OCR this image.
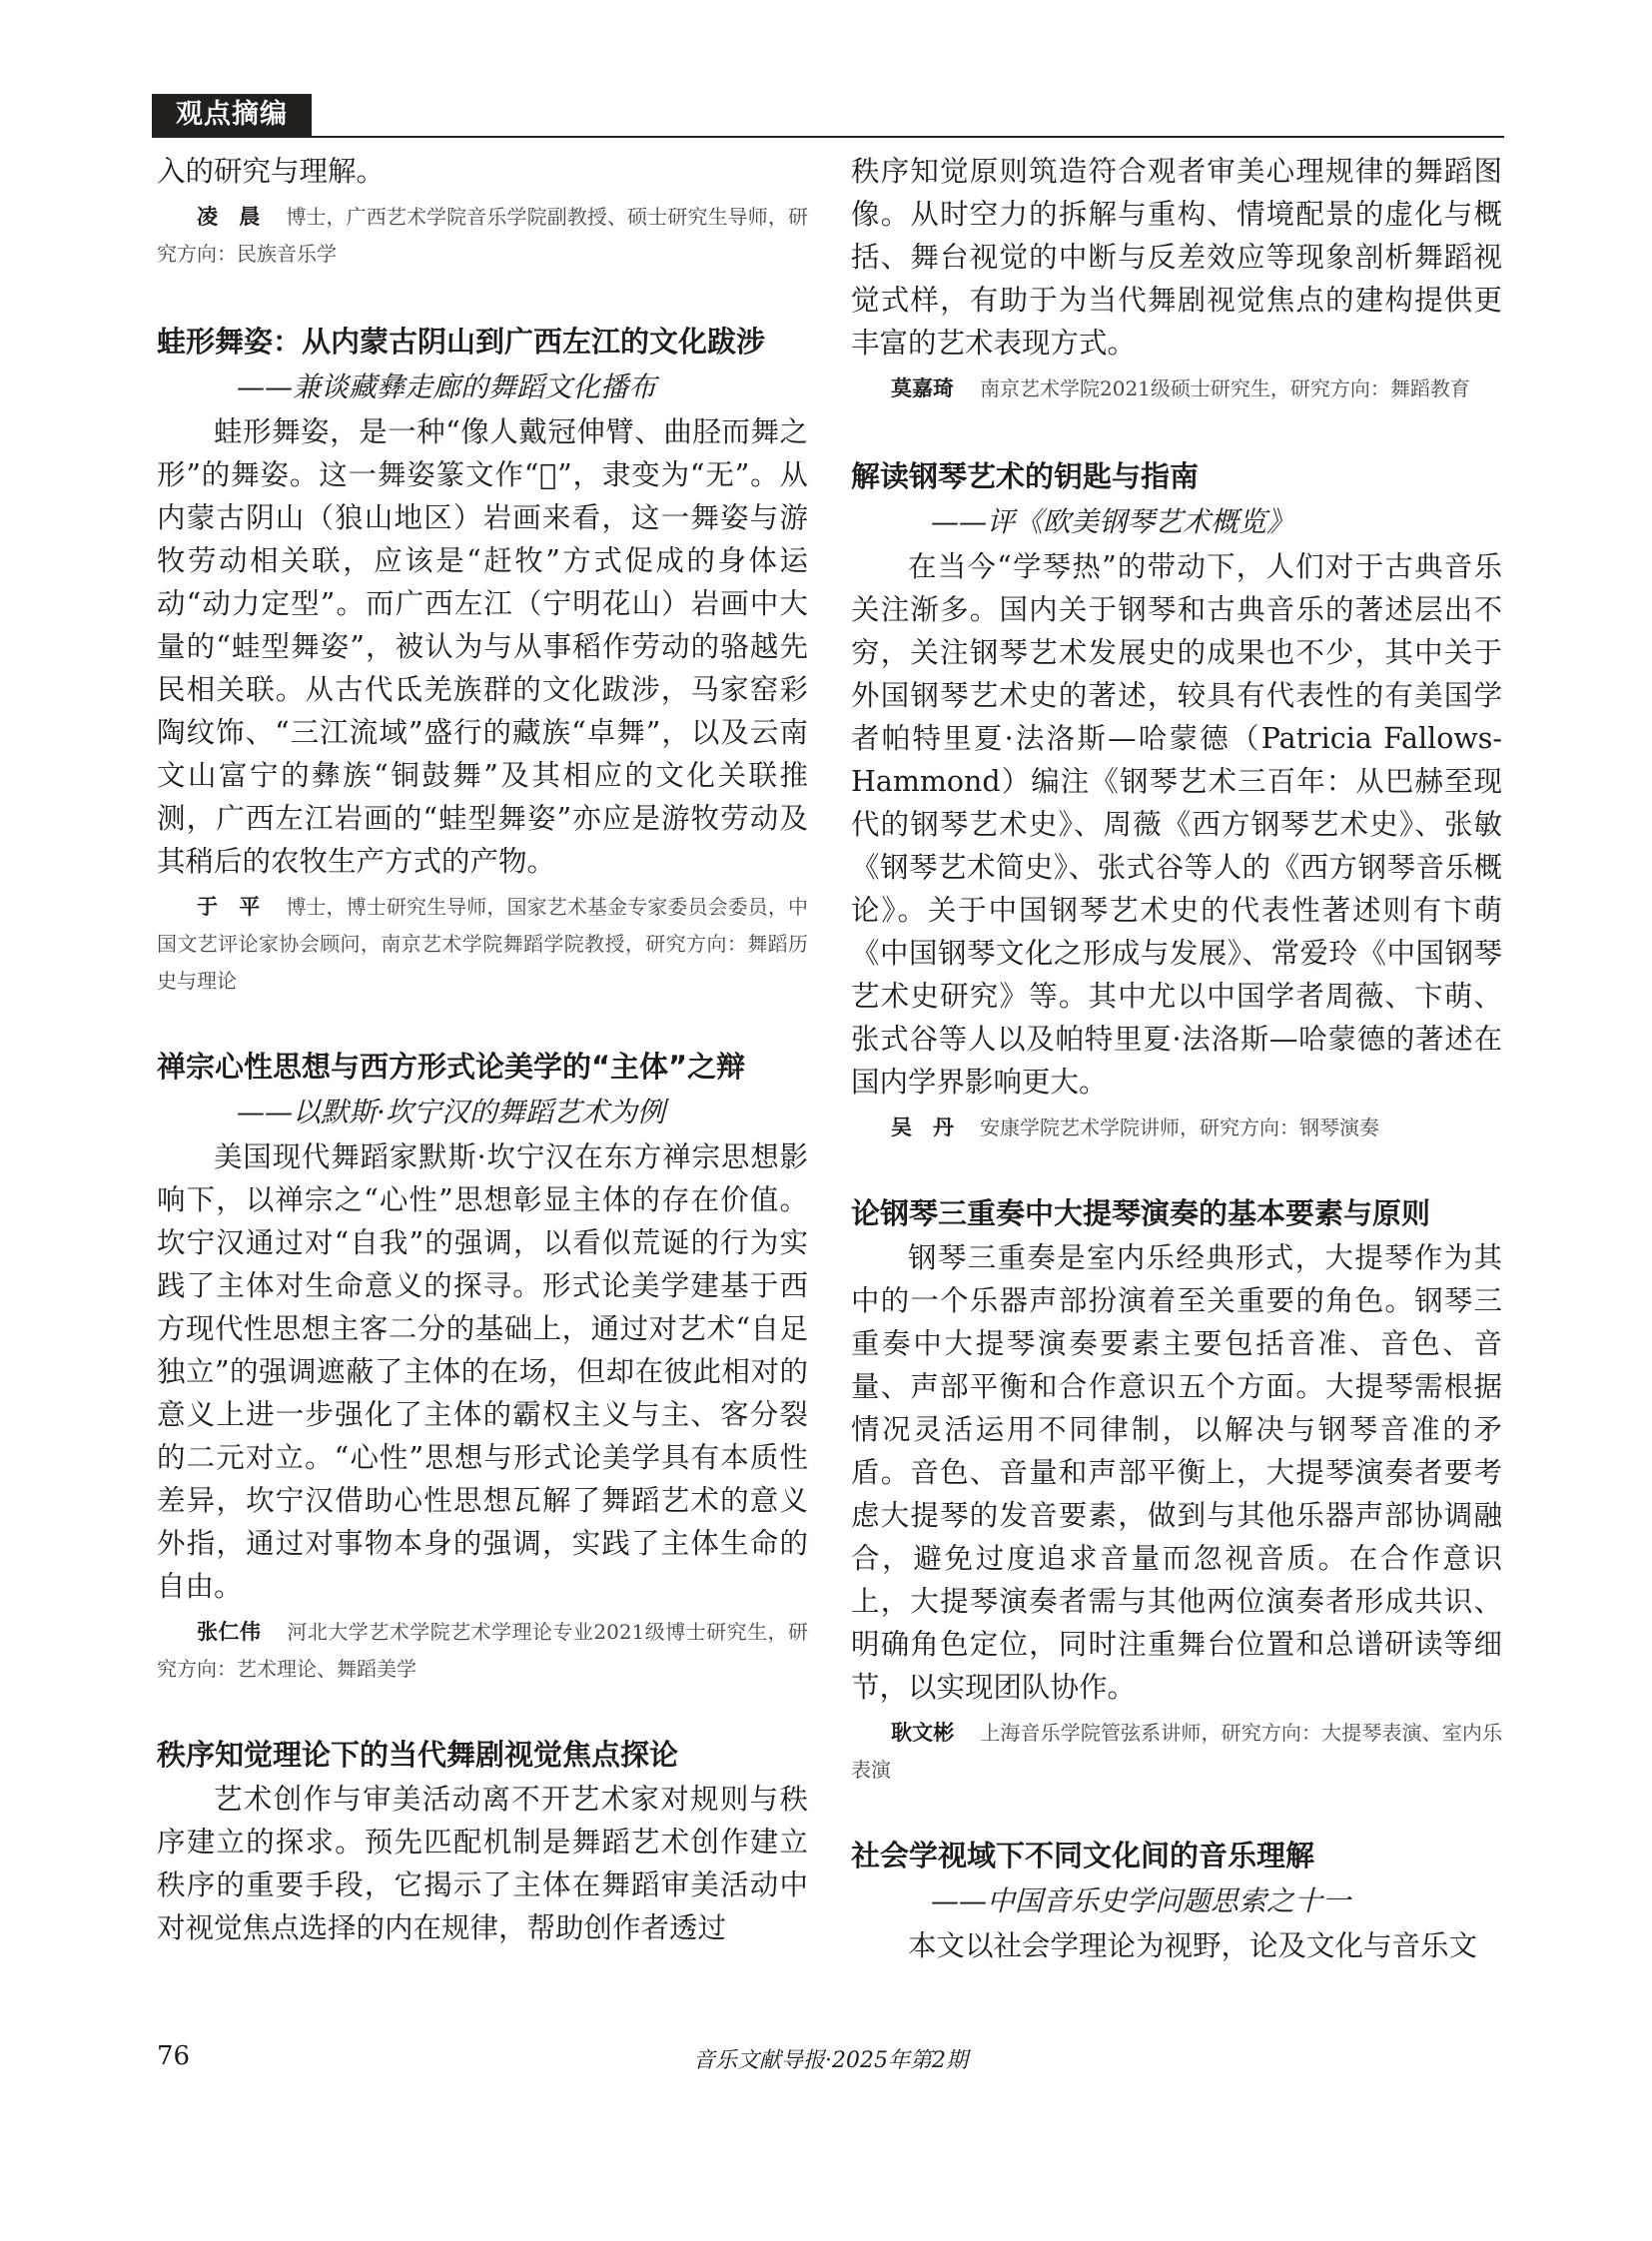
观点摘编

入的研究与理解。

凌　晨 博士，广西艺术学院音乐学院副教授、硕士研究生导师，研究方向：民族音乐学
蛙形舞姿：从内蒙古阴山到广西左江的文化跋涉

——兼谈藏彝走廊的舞蹈文化播布

蛙形舞姿，是一种“像人戴冠伸臂、曲胫而舞之形”的舞姿。这一舞姿篆文作“𠙚”，隶变为“无”。从内蒙古阴山（狼山地区）岩画来看，这一舞姿与游牧劳动相关联，应该是“赶牧”方式促成的身体运动“动力定型”。而广西左江（宁明花山）岩画中大量的“蛙型舞姿”，被认为与从事稻作劳动的骆越先民相关联。从古代氐羌族群的文化跋涉，马家窑彩陶纹饰、“三江流域”盛行的藏族“卓舞”，以及云南文山富宁的彝族“铜鼓舞”及其相应的文化关联推测，广西左江岩画的“蛙型舞姿”亦应是游牧劳动及其稍后的农牧生产方式的产物。

于　平 博士，博士研究生导师，国家艺术基金专家委员会委员，中国文艺评论家协会顾问，南京艺术学院舞蹈学院教授，研究方向：舞蹈历史与理论
禅宗心性思想与西方形式论美学的“主体”之辩

——以默斯·坎宁汉的舞蹈艺术为例

美国现代舞蹈家默斯·坎宁汉在东方禅宗思想影响下，以禅宗之“心性”思想彰显主体的存在价值。坎宁汉通过对“自我”的强调，以看似荒诞的行为实践了主体对生命意义的探寻。形式论美学建基于西方现代性思想主客二分的基础上，通过对艺术“自足独立”的强调遮蔽了主体的在场，但却在彼此相对的意义上进一步强化了主体的霸权主义与主、客分裂的二元对立。“心性”思想与形式论美学具有本质性差异，坎宁汉借助心性思想瓦解了舞蹈艺术的意义外指，通过对事物本身的强调，实践了主体生命的自由。

张仁伟 河北大学艺术学院艺术学理论专业2021级博士研究生，研究方向：艺术理论、舞蹈美学
秩序知觉理论下的当代舞剧视觉焦点探论

艺术创作与审美活动离不开艺术家对规则与秩序建立的探求。预先匹配机制是舞蹈艺术创作建立秩序的重要手段，它揭示了主体在舞蹈审美活动中对视觉焦点选择的内在规律，帮助创作者透过

秩序知觉原则筑造符合观者审美心理规律的舞蹈图像。从时空力的拆解与重构、情境配景的虚化与概括、舞台视觉的中断与反差效应等现象剖析舞蹈视觉式样，有助于为当代舞剧视觉焦点的建构提供更丰富的艺术表现方式。

莫嘉琦 南京艺术学院2021级硕士研究生，研究方向：舞蹈教育
解读钢琴艺术的钥匙与指南

——评《欧美钢琴艺术概览》

在当今“学琴热”的带动下，人们对于古典音乐关注渐多。国内关于钢琴和古典音乐的著述层出不穷，关注钢琴艺术发展史的成果也不少，其中关于外国钢琴艺术史的著述，较具有代表性的有美国学者帕特里夏·法洛斯—哈蒙德（Patricia Fallows-Hammond）编注《钢琴艺术三百年：从巴赫至现代的钢琴艺术史》、周薇《西方钢琴艺术史》、张敏《钢琴艺术简史》、张式谷等人的《西方钢琴音乐概论》。关于中国钢琴艺术史的代表性著述则有卞萌《中国钢琴文化之形成与发展》、常爱玲《中国钢琴艺术史研究》等。其中尤以中国学者周薇、卞萌、张式谷等人以及帕特里夏·法洛斯—哈蒙德的著述在国内学界影响更大。

吴　丹 安康学院艺术学院讲师，研究方向：钢琴演奏
论钢琴三重奏中大提琴演奏的基本要素与原则

钢琴三重奏是室内乐经典形式，大提琴作为其中的一个乐器声部扮演着至关重要的角色。钢琴三重奏中大提琴演奏要素主要包括音准、音色、音量、声部平衡和合作意识五个方面。大提琴需根据情况灵活运用不同律制，以解决与钢琴音准的矛盾。音色、音量和声部平衡上，大提琴演奏者要考虑大提琴的发音要素，做到与其他乐器声部协调融合，避免过度追求音量而忽视音质。在合作意识上，大提琴演奏者需与其他两位演奏者形成共识、明确角色定位，同时注重舞台位置和总谱研读等细节，以实现团队协作。

耿文彬 上海音乐学院管弦系讲师，研究方向：大提琴表演、室内乐表演
社会学视域下不同文化间的音乐理解

——中国音乐史学问题思索之十一

本文以社会学理论为视野，论及文化与音乐文

76	音乐文献导报·2025年第2期
